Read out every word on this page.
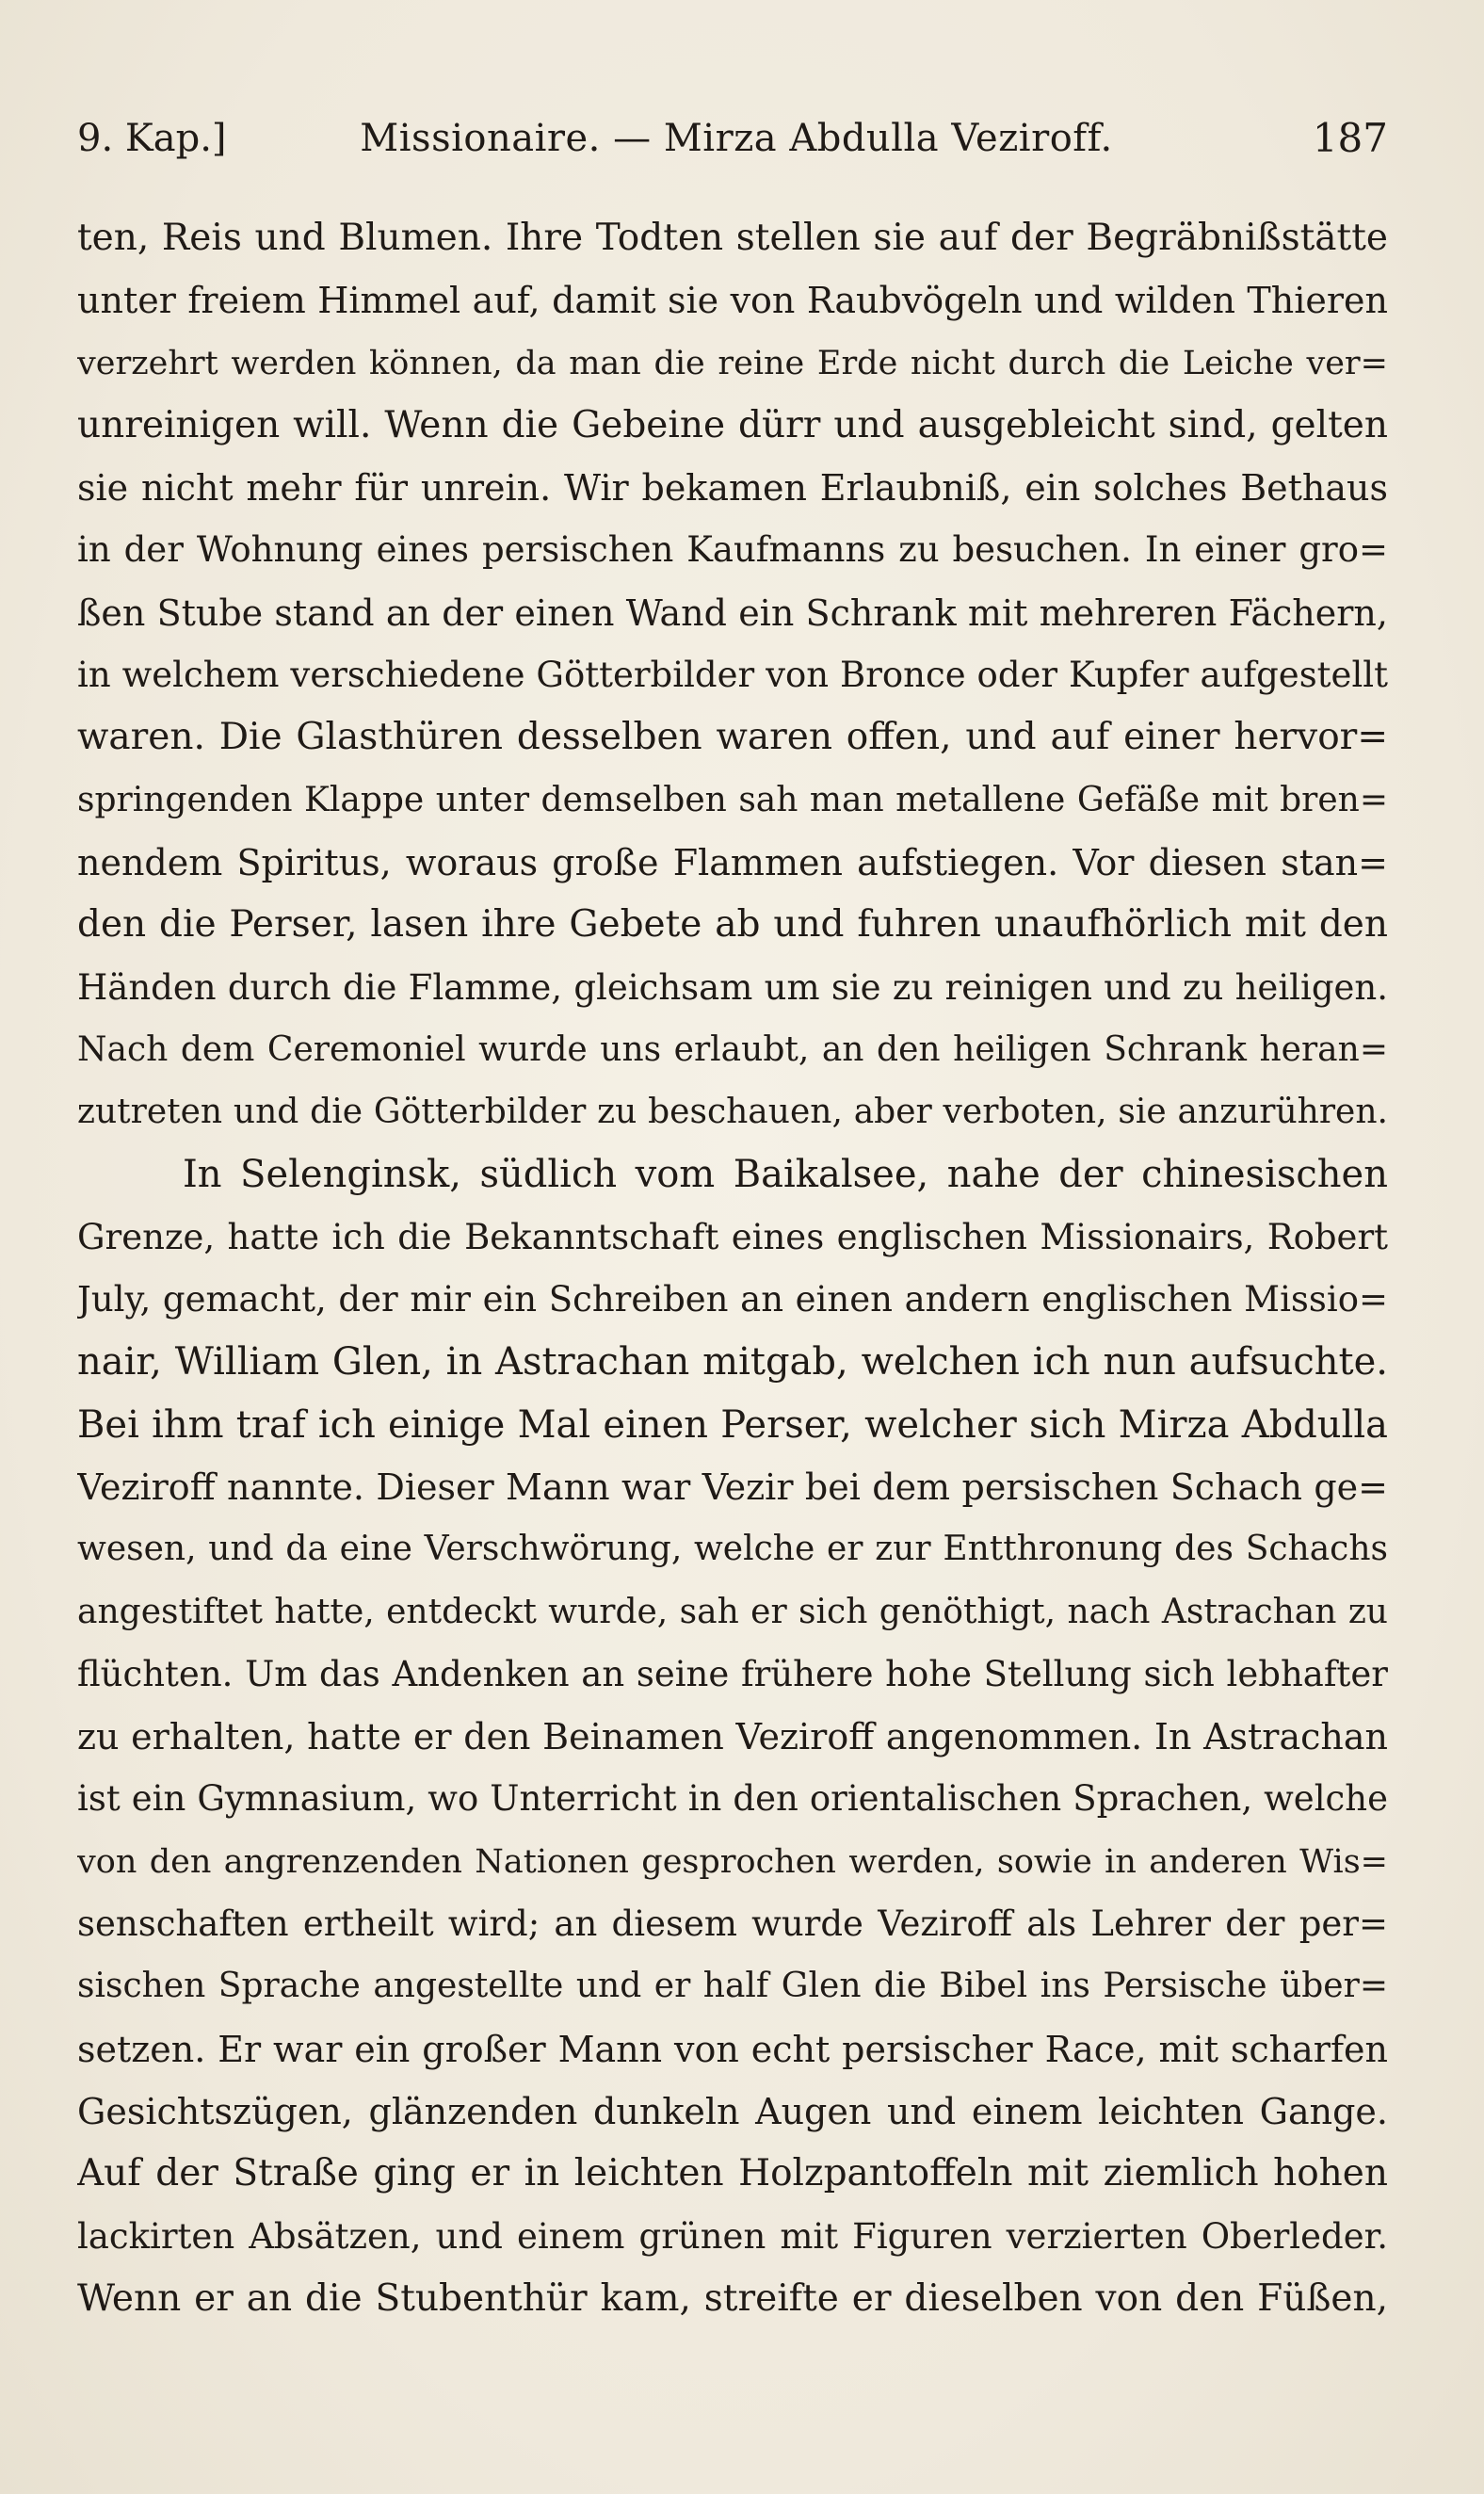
9. Kap.]	Missionaire. — Mirza Abdulla Veziroff.	187
ten, Reis und Blumen. Ihre Todten stellen sie auf der Begräbnißstätte
unter freiem Himmel auf, damit sie von Raubvögeln und wilden Thieren
verzehrt werden können, da man die reine Erde nicht durch die Leiche ver=
unreinigen will. Wenn die Gebeine dürr und ausgebleicht sind, gelten
sie nicht mehr für unrein. Wir bekamen Erlaubniß, ein solches Bethaus
in der Wohnung eines persischen Kaufmanns zu besuchen. In einer gro=
ßen Stube stand an der einen Wand ein Schrank mit mehreren Fächern,
in welchem verschiedene Götterbilder von Bronce oder Kupfer aufgestellt
waren. Die Glasthüren desselben waren offen, und auf einer hervor=
springenden Klappe unter demselben sah man metallene Gefäße mit bren=
nendem Spiritus, woraus große Flammen aufstiegen. Vor diesen stan=
den die Perser, lasen ihre Gebete ab und fuhren unaufhörlich mit den
Händen durch die Flamme, gleichsam um sie zu reinigen und zu heiligen.
Nach dem Ceremoniel wurde uns erlaubt, an den heiligen Schrank heran=
zutreten und die Götterbilder zu beschauen, aber verboten, sie anzurühren.
In Selenginsk, südlich vom Baikalsee, nahe der chinesischen
Grenze, hatte ich die Bekanntschaft eines englischen Missionairs, Robert
July, gemacht, der mir ein Schreiben an einen andern englischen Missio=
nair, William Glen, in Astrachan mitgab, welchen ich nun aufsuchte.
Bei ihm traf ich einige Mal einen Perser, welcher sich Mirza Abdulla
Veziroff nannte. Dieser Mann war Vezir bei dem persischen Schach ge=
wesen, und da eine Verschwörung, welche er zur Entthronung des Schachs
angestiftet hatte, entdeckt wurde, sah er sich genöthigt, nach Astrachan zu
flüchten. Um das Andenken an seine frühere hohe Stellung sich lebhafter
zu erhalten, hatte er den Beinamen Veziroff angenommen. In Astrachan
ist ein Gymnasium, wo Unterricht in den orientalischen Sprachen, welche
von den angrenzenden Nationen gesprochen werden, sowie in anderen Wis=
senschaften ertheilt wird; an diesem wurde Veziroff als Lehrer der per=
sischen Sprache angestellte und er half Glen die Bibel ins Persische über=
setzen. Er war ein großer Mann von echt persischer Race, mit scharfen
Gesichtszügen, glänzenden dunkeln Augen und einem leichten Gange.
Auf der Straße ging er in leichten Holzpantoffeln mit ziemlich hohen
lackirten Absätzen, und einem grünen mit Figuren verzierten Oberleder.
Wenn er an die Stubenthür kam, streifte er dieselben von den Füßen,
